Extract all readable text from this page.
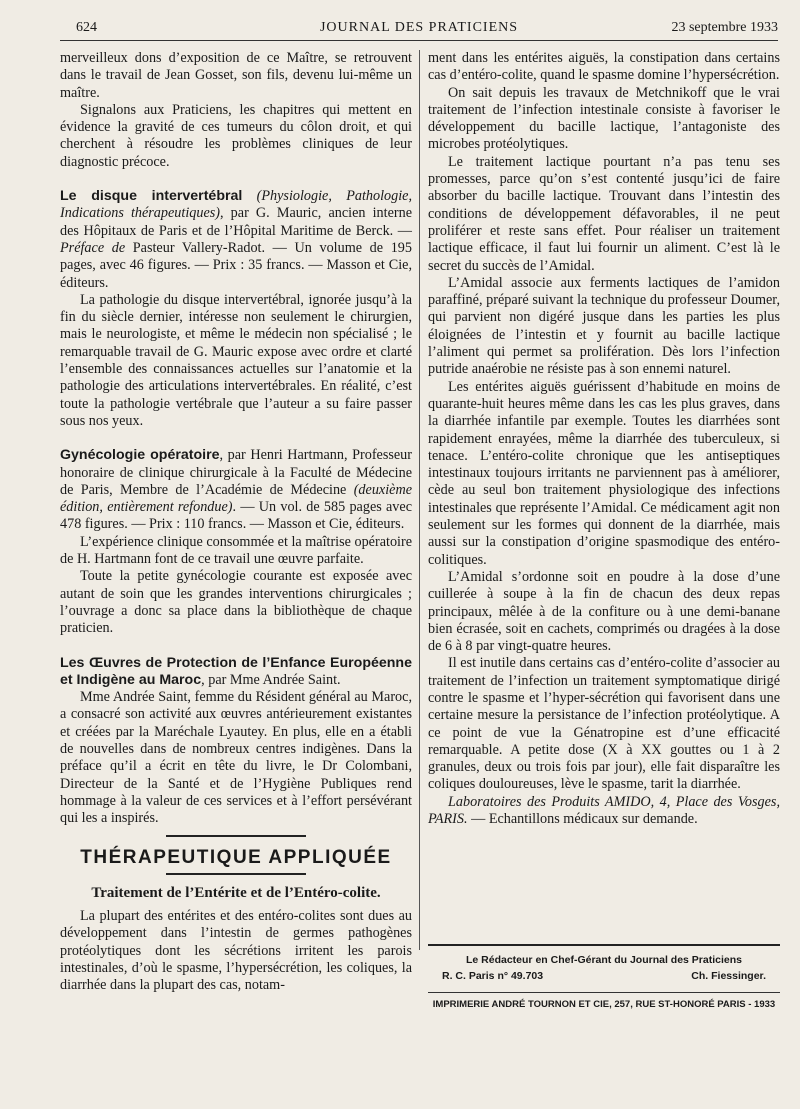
624	JOURNAL DES PRATICIENS	23 septembre 1933

merveilleux dons d’exposition de ce Maître, se retrouvent dans le travail de Jean Gosset, son fils, devenu lui-même un maître.

Signalons aux Praticiens, les chapitres qui mettent en évidence la gravité de ces tumeurs du côlon droit, et qui cherchent à résoudre les problèmes cliniques de leur diagnostic précoce.

Le disque intervertébral (Physiologie, Pathologie, Indications thérapeutiques), par G. Mauric, ancien interne des Hôpitaux de Paris et de l’Hôpital Maritime de Berck. — Préface de Pasteur Vallery-Radot. — Un volume de 195 pages, avec 46 figures. — Prix : 35 francs. — Masson et Cie, éditeurs.

La pathologie du disque intervertébral, ignorée jusqu’à la fin du siècle dernier, intéresse non seulement le chirurgien, mais le neurologiste, et même le médecin non spécialisé ; le remarquable travail de G. Mauric expose avec ordre et clarté l’ensemble des connaissances actuelles sur l’anatomie et la pathologie des articulations intervertébrales. En réalité, c’est toute la pathologie vertébrale que l’auteur a su faire passer sous nos yeux.

Gynécologie opératoire, par Henri Hartmann, Professeur honoraire de clinique chirurgicale à la Faculté de Médecine de Paris, Membre de l’Académie de Médecine (deuxième édition, entièrement refondue). — Un vol. de 585 pages avec 478 figures. — Prix : 110 francs. — Masson et Cie, éditeurs.

L’expérience clinique consommée et la maîtrise opératoire de H. Hartmann font de ce travail une œuvre parfaite.

Toute la petite gynécologie courante est exposée avec autant de soin que les grandes interventions chirurgicales ; l’ouvrage a donc sa place dans la bibliothèque de chaque praticien.

Les Œuvres de Protection de l’Enfance Européenne et Indigène au Maroc, par Mme Andrée Saint.

Mme Andrée Saint, femme du Résident général au Maroc, a consacré son activité aux œuvres antérieurement existantes et créées par la Maréchale Lyautey. En plus, elle en a établi de nouvelles dans de nombreux centres indigènes. Dans la préface qu’il a écrit en tête du livre, le Dr Colombani, Directeur de la Santé et de l’Hygiène Publiques rend hommage à la valeur de ces services et à l’effort persévérant qui les a inspirés.

THÉRAPEUTIQUE APPLIQUÉE
Traitement de l’Entérite et de l’Entéro-colite.

La plupart des entérites et des entéro-colites sont dues au développement dans l’intestin de germes pathogènes protéolytiques dont les sécrétions irritent les parois intestinales, d’où le spasme, l’hypersécrétion, les coliques, la diarrhée dans la plupart des cas, notam-

ment dans les entérites aiguës, la constipation dans certains cas d’entéro-colite, quand le spasme domine l’hypersécrétion.

On sait depuis les travaux de Metchnikoff que le vrai traitement de l’infection intestinale consiste à favoriser le développement du bacille lactique, l’antagoniste des microbes protéolytiques.

Le traitement lactique pourtant n’a pas tenu ses promesses, parce qu’on s’est contenté jusqu’ici de faire absorber du bacille lactique. Trouvant dans l’intestin des conditions de développement défavorables, il ne peut proliférer et reste sans effet. Pour réaliser un traitement lactique efficace, il faut lui fournir un aliment. C’est là le secret du succès de l’Amidal.

L’Amidal associe aux ferments lactiques de l’amidon paraffiné, préparé suivant la technique du professeur Doumer, qui parvient non digéré jusque dans les parties les plus éloignées de l’intestin et y fournit au bacille lactique l’aliment qui permet sa prolifération. Dès lors l’infection putride anaérobie ne résiste pas à son ennemi naturel.

Les entérites aiguës guérissent d’habitude en moins de quarante-huit heures même dans les cas les plus graves, dans la diarrhée infantile par exemple. Toutes les diarrhées sont rapidement enrayées, même la diarrhée des tuberculeux, si tenace. L’entéro-colite chronique que les antiseptiques intestinaux toujours irritants ne parviennent pas à améliorer, cède au seul bon traitement physiologique des infections intestinales que représente l’Amidal. Ce médicament agit non seulement sur les formes qui donnent de la diarrhée, mais aussi sur la constipation d’origine spasmodique des entéro-colitiques.

L’Amidal s’ordonne soit en poudre à la dose d’une cuillerée à soupe à la fin de chacun des deux repas principaux, mêlée à de la confiture ou à une demi-banane bien écrasée, soit en cachets, comprimés ou dragées à la dose de 6 à 8 par vingt-quatre heures.

Il est inutile dans certains cas d’entéro-colite d’associer au traitement de l’infection un traitement symptomatique dirigé contre le spasme et l’hyper-sécrétion qui favorisent dans une certaine mesure la persistance de l’infection protéolytique. A ce point de vue la Génatropine est d’une efficacité remarquable. A petite dose (X à XX gouttes ou 1 à 2 granules, deux ou trois fois par jour), elle fait disparaître les coliques douloureuses, lève le spasme, tarit la diarrhée.

Laboratoires des Produits AMIDO, 4, Place des Vosges, PARIS. — Echantillons médicaux sur demande.

Le Rédacteur en Chef-Gérant du Journal des Praticiens
R. C. Paris n° 49.703	Ch. Fiessinger.
IMPRIMERIE ANDRÉ TOURNON ET CIE, 257, RUE ST-HONORÉ PARIS - 1933
